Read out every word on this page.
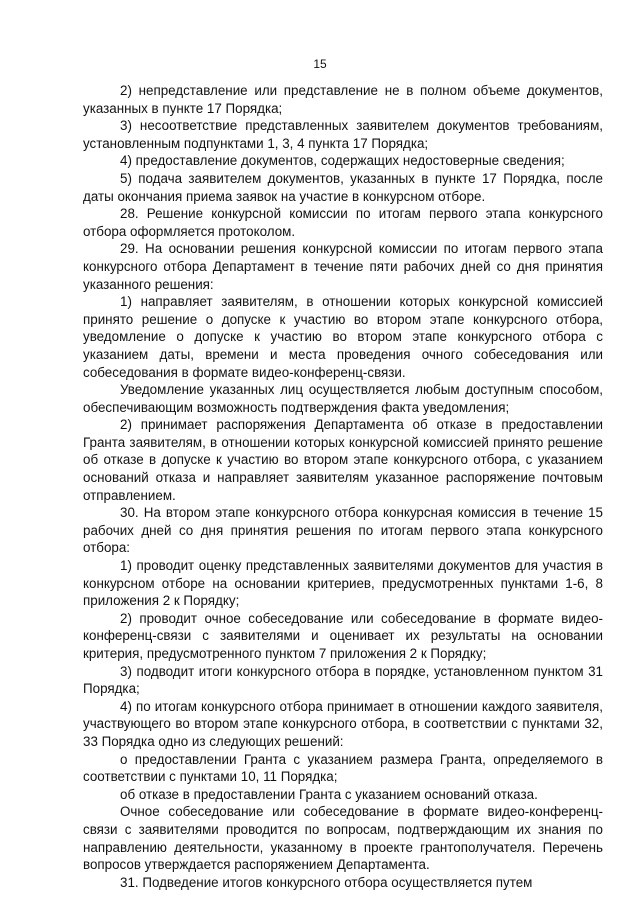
15

2) непредставление или представление не в полном объеме документов, указанных в пункте 17 Порядка;

3) несоответствие представленных заявителем документов требованиям, установленным подпунктами 1, 3, 4 пункта 17 Порядка;

4) предоставление документов, содержащих недостоверные сведения;

5) подача заявителем документов, указанных в пункте 17 Порядка, после даты окончания приема заявок на участие в конкурсном отборе.

28. Решение конкурсной комиссии по итогам первого этапа конкурсного отбора оформляется протоколом.

29. На основании решения конкурсной комиссии по итогам первого этапа конкурсного отбора Департамент в течение пяти рабочих дней со дня принятия указанного решения:

1) направляет заявителям, в отношении которых конкурсной комиссией принято решение о допуске к участию во втором этапе конкурсного отбора, уведомление о допуске к участию во втором этапе конкурсного отбора с указанием даты, времени и места проведения очного собеседования или собеседования в формате видео-конференц-связи.

Уведомление указанных лиц осуществляется любым доступным способом, обеспечивающим возможность подтверждения факта уведомления;

2) принимает распоряжения Департамента об отказе в предоставлении Гранта заявителям, в отношении которых конкурсной комиссией принято решение об отказе в допуске к участию во втором этапе конкурсного отбора, с указанием оснований отказа и направляет заявителям указанное распоряжение почтовым отправлением.

30. На втором этапе конкурсного отбора конкурсная комиссия в течение 15 рабочих дней со дня принятия решения по итогам первого этапа конкурсного отбора:

1) проводит оценку представленных заявителями документов для участия в конкурсном отборе на основании критериев, предусмотренных пунктами 1-6, 8 приложения 2 к Порядку;

2) проводит очное собеседование или собеседование в формате видео-конференц-связи с заявителями и оценивает их результаты на основании критерия, предусмотренного пунктом 7 приложения 2 к Порядку;

3) подводит итоги конкурсного отбора в порядке, установленном пунктом 31 Порядка;

4) по итогам конкурсного отбора принимает в отношении каждого заявителя, участвующего во втором этапе конкурсного отбора, в соответствии с пунктами 32, 33 Порядка одно из следующих решений:

о предоставлении Гранта с указанием размера Гранта, определяемого в соответствии с пунктами 10, 11 Порядка;

об отказе в предоставлении Гранта с указанием оснований отказа.

Очное собеседование или собеседование в формате видео-конференц-связи с заявителями проводится по вопросам, подтверждающим их знания по направлению деятельности, указанному в проекте грантополучателя. Перечень вопросов утверждается распоряжением Департамента.

31. Подведение итогов конкурсного отбора осуществляется путем
